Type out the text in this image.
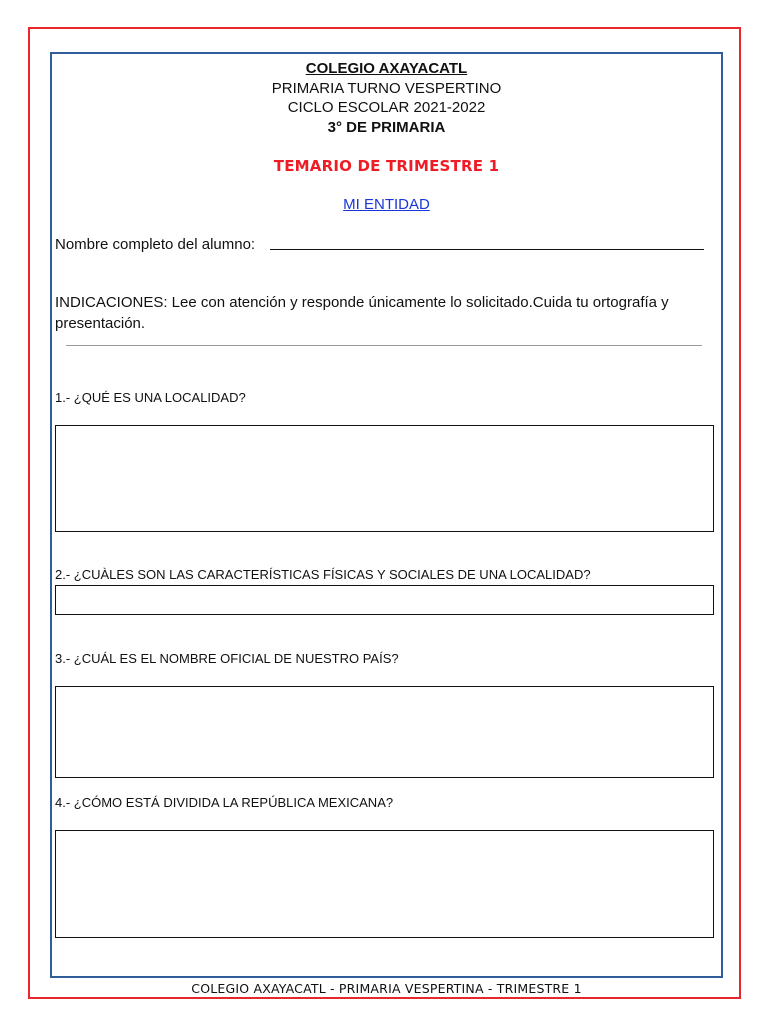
COLEGIO AXAYACATL
PRIMARIA TURNO VESPERTINO
CICLO ESCOLAR 2021-2022
3° DE PRIMARIA
TEMARIO DE TRIMESTRE 1
MI ENTIDAD
Nombre completo del alumno:
INDICACIONES: Lee con atención y responde únicamente lo solicitado.Cuida tu ortografía y presentación.
1.- ¿QUÉ ES UNA LOCALIDAD?
2.- ¿CUÀLES SON LAS CARACTERÍSTICAS FÍSICAS Y SOCIALES DE UNA LOCALIDAD?
3.- ¿CUÁL ES EL NOMBRE OFICIAL DE NUESTRO PAÍS?
4.- ¿CÓMO ESTÁ DIVIDIDA LA REPÚBLICA MEXICANA?
COLEGIO AXAYACATL - PRIMARIA VESPERTINA - TRIMESTRE 1
